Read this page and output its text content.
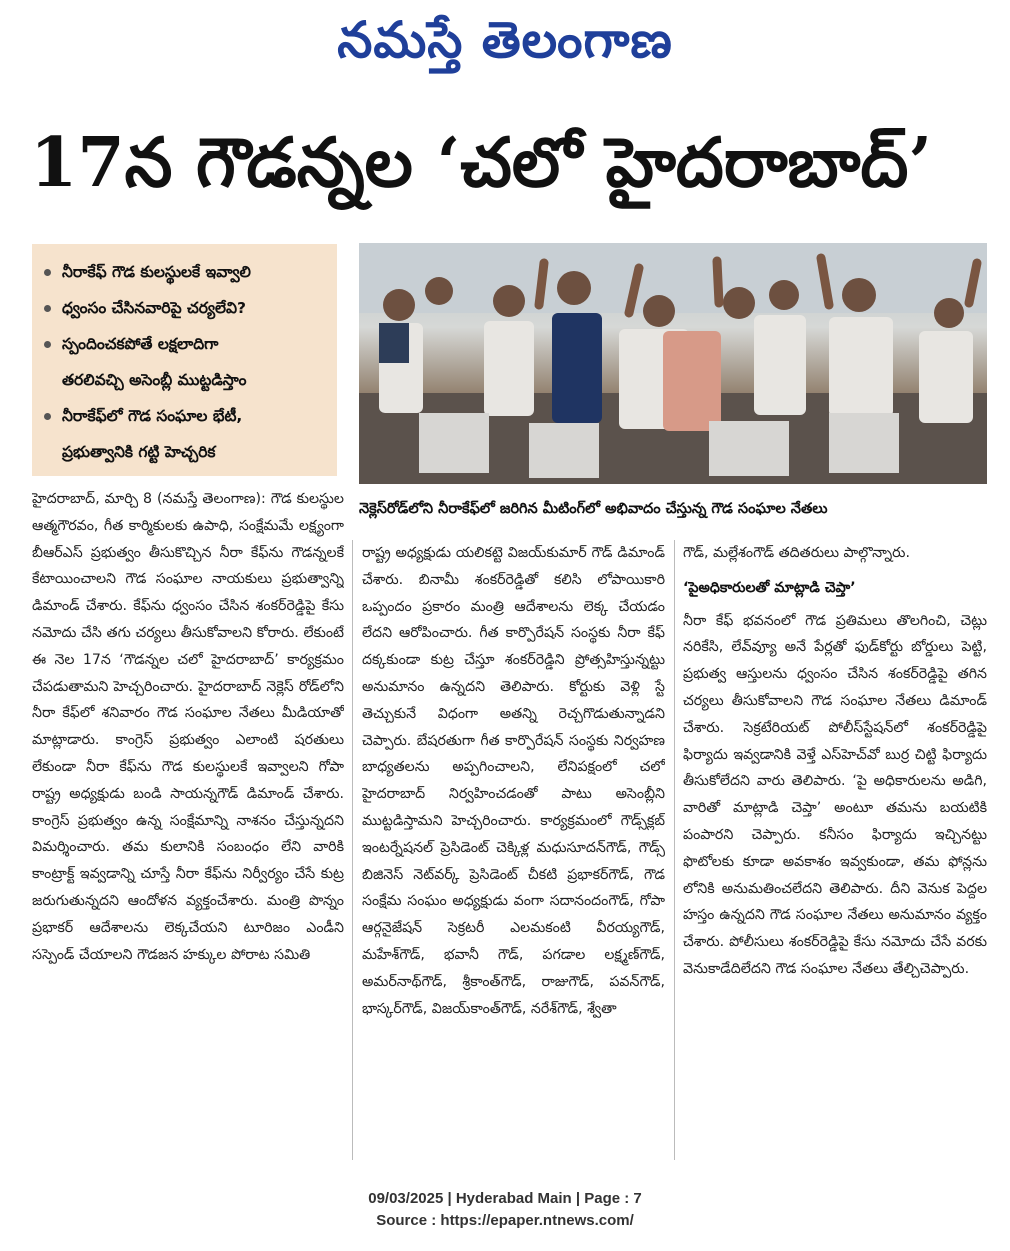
నమస్తే తెలంగాణ
17న గౌడన్నల ‘చలో హైదరాబాద్’
నీరాకేఫ్ గౌడ కులస్థులకే ఇవ్వాలి
ధ్వంసం చేసినవారిపై చర్యలేవి?
స్పందించకపోతే లక్షలాదిగా
తరలివచ్చి అసెంబ్లీ ముట్టడిస్తాం
నీరాకేఫ్‌లో గౌడ సంఘాల భేటీ,
ప్రభుత్వానికి గట్టి హెచ్చరిక
నెక్లెస్‌రోడ్‌లోని నీరాకేఫ్‌లో జరిగిన మీటింగ్‌లో అభివాదం చేస్తున్న గౌడ సంఘాల నేతలు

హైదరాబాద్, మార్చి 8 (నమస్తే తెలంగాణ): గౌడ కులస్థుల ఆత్మగౌరవం, గీత కార్మికులకు ఉపాధి, సంక్షేమమే లక్ష్యంగా బీఆర్‌ఎస్ ప్రభుత్వం తీసుకొచ్చిన నీరా కేఫ్‌ను గౌడన్నలకే కేటాయించాలని గౌడ సంఘాల నాయకులు ప్రభుత్వాన్ని డిమాండ్ చేశారు. కేఫ్‌ను ధ్వంసం చేసిన శంకర్‌రెడ్డిపై కేసు నమోదు చేసి తగు చర్యలు తీసుకోవాలని కోరారు. లేకుంటే ఈ నెల 17న ‘గౌడన్నల చలో హైదరాబాద్’ కార్యక్రమం చేపడుతామని హెచ్చరించారు. హైదరాబాద్ నెక్లెస్ రోడ్‌లోని నీరా కేఫ్‌లో శనివారం గౌడ సంఘాల నేతలు మీడియాతో మాట్లాడారు. కాంగ్రెస్ ప్రభుత్వం ఎలాంటి షరతులు లేకుండా నీరా కేఫ్‌ను గౌడ కులస్థులకే ఇవ్వాలని గోపా రాష్ట్ర అధ్యక్షుడు బండి సాయన్నగౌడ్ డిమాండ్ చేశారు. కాంగ్రెస్ ప్రభుత్వం ఉన్న సంక్షేమాన్ని నాశనం చేస్తున్నదని విమర్శించారు. తమ కులానికి సంబంధం లేని వారికి కాంట్రాక్ట్ ఇవ్వడాన్ని చూస్తే నీరా కేఫ్‌ను నిర్వీర్యం చేసే కుట్ర జరుగుతున్నదని ఆందోళన వ్యక్తంచేశారు. మంత్రి పొన్నం ప్రభాకర్ ఆదేశాలను లెక్కచేయని టూరిజం ఎండీని సస్పెండ్ చేయాలని గౌడజన హక్కుల పోరాట సమితి

రాష్ట్ర అధ్యక్షుడు యలికట్టె విజయ్‌కుమార్ గౌడ్ డిమాండ్ చేశారు. బినామీ శంకర్‌రెడ్డితో కలిసి లోపాయికారి ఒప్పందం ప్రకారం మంత్రి ఆదేశాలను లెక్క చేయడం లేదని ఆరోపించారు. గీత కార్పొరేషన్ సంస్థకు నీరా కేఫ్ దక్కకుండా కుట్ర చేస్తూ శంకర్‌రెడ్డిని ప్రోత్సహిస్తున్నట్టు అనుమానం ఉన్నదని తెలిపారు. కోర్టుకు వెళ్లి స్టే తెచ్చుకునే విధంగా అతన్ని రెచ్చగొడుతున్నాడని చెప్పారు. బేషరతుగా గీత కార్పొరేషన్ సంస్థకు నిర్వహణ బాధ్యతలను అప్పగించాలని, లేనిపక్షంలో చలో హైదరాబాద్ నిర్వహించడంతో పాటు అసెంబ్లీని ముట్టడిస్తామని హెచ్చరించారు. కార్యక్రమంలో గౌడ్స్‌క్లబ్ ఇంటర్నేషనల్ ప్రెసిడెంట్ చెక్కిళ్ల మధుసూదన్‌గౌడ్, గౌడ్స్ బిజినెస్ నెట్‌వర్క్ ప్రెసిడెంట్ చీకటి ప్రభాకర్‌గౌడ్, గౌడ సంక్షేమ సంఘం అధ్యక్షుడు వంగా సదానందంగౌడ్, గోపా ఆర్గనైజేషన్ సెక్రటరీ ఎలమకంటి వీరయ్యగౌడ్, మహేశ్‌గౌడ్, భవానీ గౌడ్, పగడాల లక్ష్మణ్‌గౌడ్, అమర్‌నాథ్‌గౌడ్, శ్రీకాంత్‌గౌడ్, రాజుగౌడ్, పవన్‌గౌడ్, భాస్కర్‌గౌడ్, విజయ్‌కాంత్‌గౌడ్, నరేశ్‌గౌడ్, శ్వేతా

గౌడ్, మల్లేశంగౌడ్ తదితరులు పాల్గొన్నారు.

‘పైఅధికారులతో మాట్లాడి చెప్తా’

నీరా కేఫ్ భవనంలో గౌడ ప్రతిమలు తొలగించి, చెట్లు నరికేసి, లేవ్‌వ్యూ అనే పేర్లతో ఫుడ్‌కోర్టు బోర్డులు పెట్టి, ప్రభుత్వ ఆస్తులను ధ్వంసం చేసిన శంకర్‌రెడ్డిపై తగిన చర్యలు తీసుకోవాలని గౌడ సంఘాల నేతలు డిమాండ్ చేశారు. సెక్రటేరియట్ పోలీస్‌స్టేషన్‌లో శంకర్‌రెడ్డిపై ఫిర్యాదు ఇవ్వడానికి వెళ్తే ఎస్‌హెచ్‌వో బుర్ర చిట్టి ఫిర్యాదు తీసుకోలేదని వారు తెలిపారు. ‘పై అధికారులను అడిగి, వారితో మాట్లాడి చెప్తా’ అంటూ తమను బయటికి పంపారని చెప్పారు. కనీసం ఫిర్యాదు ఇచ్చినట్టు ఫొటోలకు కూడా అవకాశం ఇవ్వకుండా, తమ ఫోన్లను లోనికి అనుమతించలేదని తెలిపారు. దీని వెనుక పెద్దల హస్తం ఉన్నదని గౌడ సంఘాల నేతలు అనుమానం వ్యక్తం చేశారు. పోలీసులు శంకర్‌రెడ్డిపై కేసు నమోదు చేసే వరకు వెనుకాడేదిలేదని గౌడ సంఘాల నేతలు తేల్చిచెప్పారు.

09/03/2025 | Hyderabad Main | Page : 7
Source : https://epaper.ntnews.com/
